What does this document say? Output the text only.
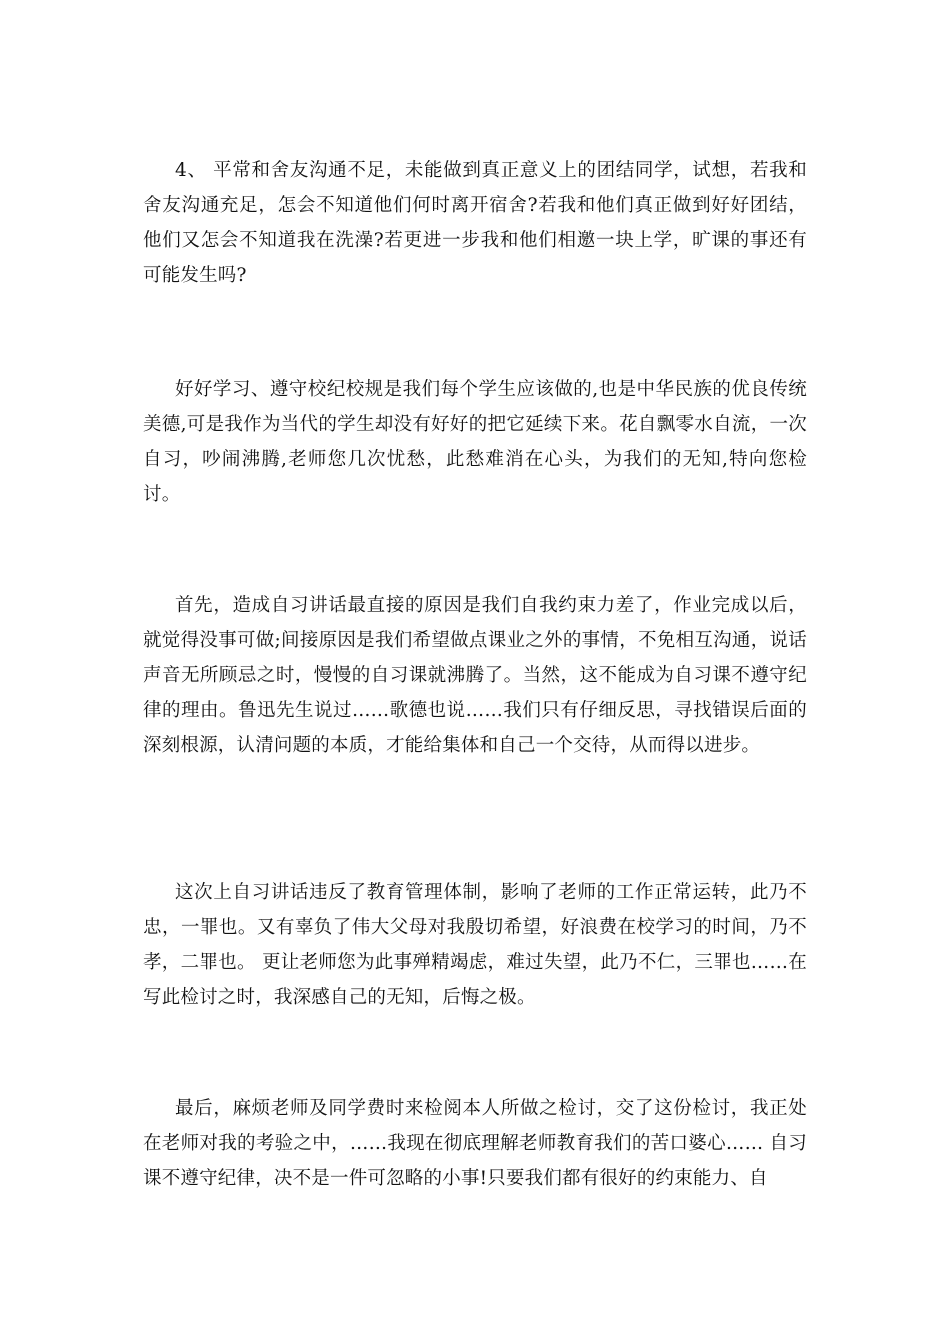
4、 平常和舍友沟通不足，未能做到真正意义上的团结同学，试想，若我和舍友沟通充足，怎会不知道他们何时离开宿舍?若我和他们真正做到好好团结，他们又怎会不知道我在洗澡?若更进一步我和他们相邀一块上学，旷课的事还有可能发生吗?

好好学习、遵守校纪校规是我们每个学生应该做的,也是中华民族的优良传统美德,可是我作为当代的学生却没有好好的把它延续下来。花自飘零水自流，一次自习，吵闹沸腾,老师您几次忧愁，此愁难消在心头，为我们的无知,特向您检讨。

首先，造成自习讲话最直接的原因是我们自我约束力差了，作业完成以后，就觉得没事可做;间接原因是我们希望做点课业之外的事情，不免相互沟通，说话声音无所顾忌之时，慢慢的自习课就沸腾了。当然，这不能成为自习课不遵守纪律的理由。鲁迅先生说过……歌德也说……我们只有仔细反思，寻找错误后面的深刻根源，认清问题的本质，才能给集体和自己一个交待，从而得以进步。

这次上自习讲话违反了教育管理体制，影响了老师的工作正常运转，此乃不忠，一罪也。又有辜负了伟大父母对我殷切希望，好浪费在校学习的时间，乃不孝，二罪也。 更让老师您为此事殚精竭虑，难过失望，此乃不仁，三罪也……在写此检讨之时，我深感自己的无知，后悔之极。

最后，麻烦老师及同学费时来检阅本人所做之检讨，交了这份检讨，我正处在老师对我的考验之中，……我现在彻底理解老师教育我们的苦口婆心…… 自习课不遵守纪律，决不是一件可忽略的小事!只要我们都有很好的约束能力、自
